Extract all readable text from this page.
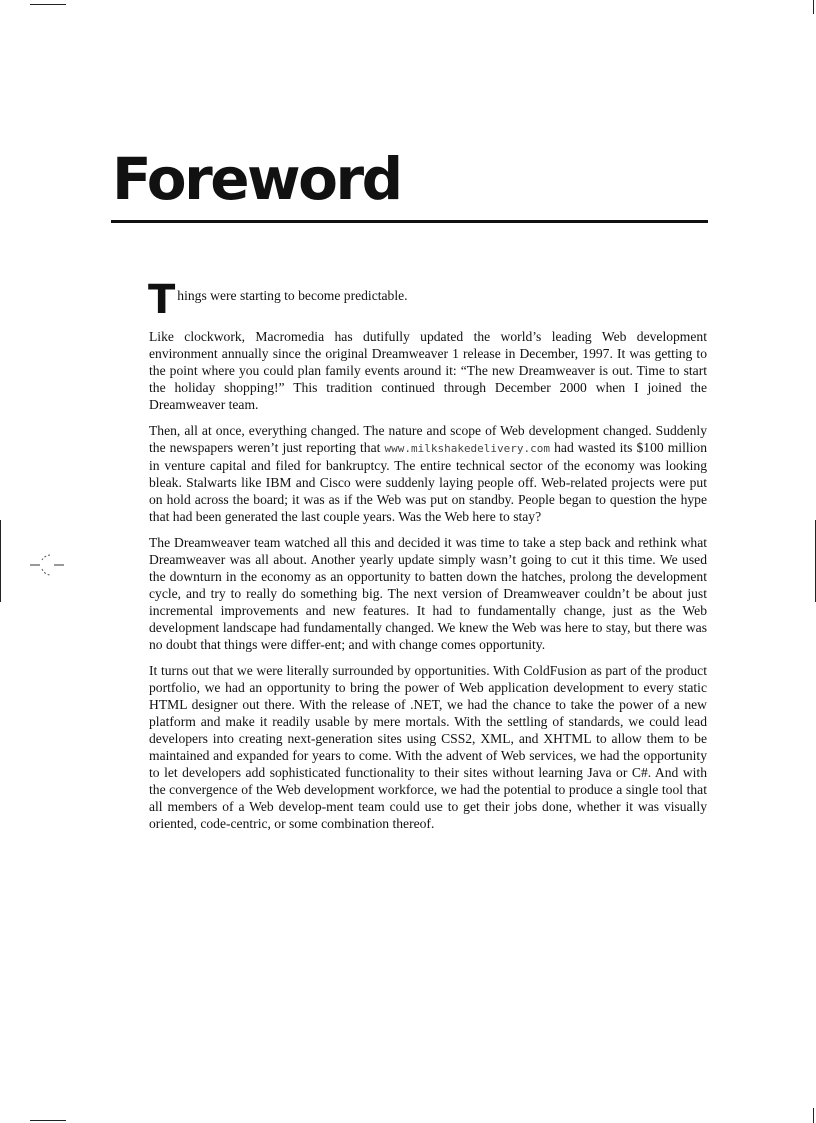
Foreword

Things were starting to become predictable.

Like clockwork, Macromedia has dutifully updated the world’s leading Web development environment annually since the original Dreamweaver 1 release in December, 1997. It was getting to the point where you could plan family events around it: “The new Dreamweaver is out. Time to start the holiday shopping!” This tradition continued through December 2000 when I joined the Dreamweaver team.

Then, all at once, everything changed. The nature and scope of Web development changed. Suddenly the newspapers weren’t just reporting that www.milkshakedelivery.com had wasted its $100 million in venture capital and filed for bankruptcy. The entire technical sector of the economy was looking bleak. Stalwarts like IBM and Cisco were suddenly laying people off. Web-related projects were put on hold across the board; it was as if the Web was put on standby. People began to question the hype that had been generated the last couple years. Was the Web here to stay?

The Dreamweaver team watched all this and decided it was time to take a step back and rethink what Dreamweaver was all about. Another yearly update simply wasn’t going to cut it this time. We used the downturn in the economy as an opportunity to batten down the hatches, prolong the development cycle, and try to really do something big. The next version of Dreamweaver couldn’t be about just incremental improvements and new features. It had to fundamentally change, just as the Web development landscape had fundamentally changed. We knew the Web was here to stay, but there was no doubt that things were differ-ent; and with change comes opportunity.

It turns out that we were literally surrounded by opportunities. With ColdFusion as part of the product portfolio, we had an opportunity to bring the power of Web application development to every static HTML designer out there. With the release of .NET, we had the chance to take the power of a new platform and make it readily usable by mere mortals. With the settling of standards, we could lead developers into creating next-generation sites using CSS2, XML, and XHTML to allow them to be maintained and expanded for years to come. With the advent of Web services, we had the opportunity to let developers add sophisticated functionality to their sites without learning Java or C#. And with the convergence of the Web development workforce, we had the potential to produce a single tool that all members of a Web develop-ment team could use to get their jobs done, whether it was visually oriented, code-centric, or some combination thereof.
